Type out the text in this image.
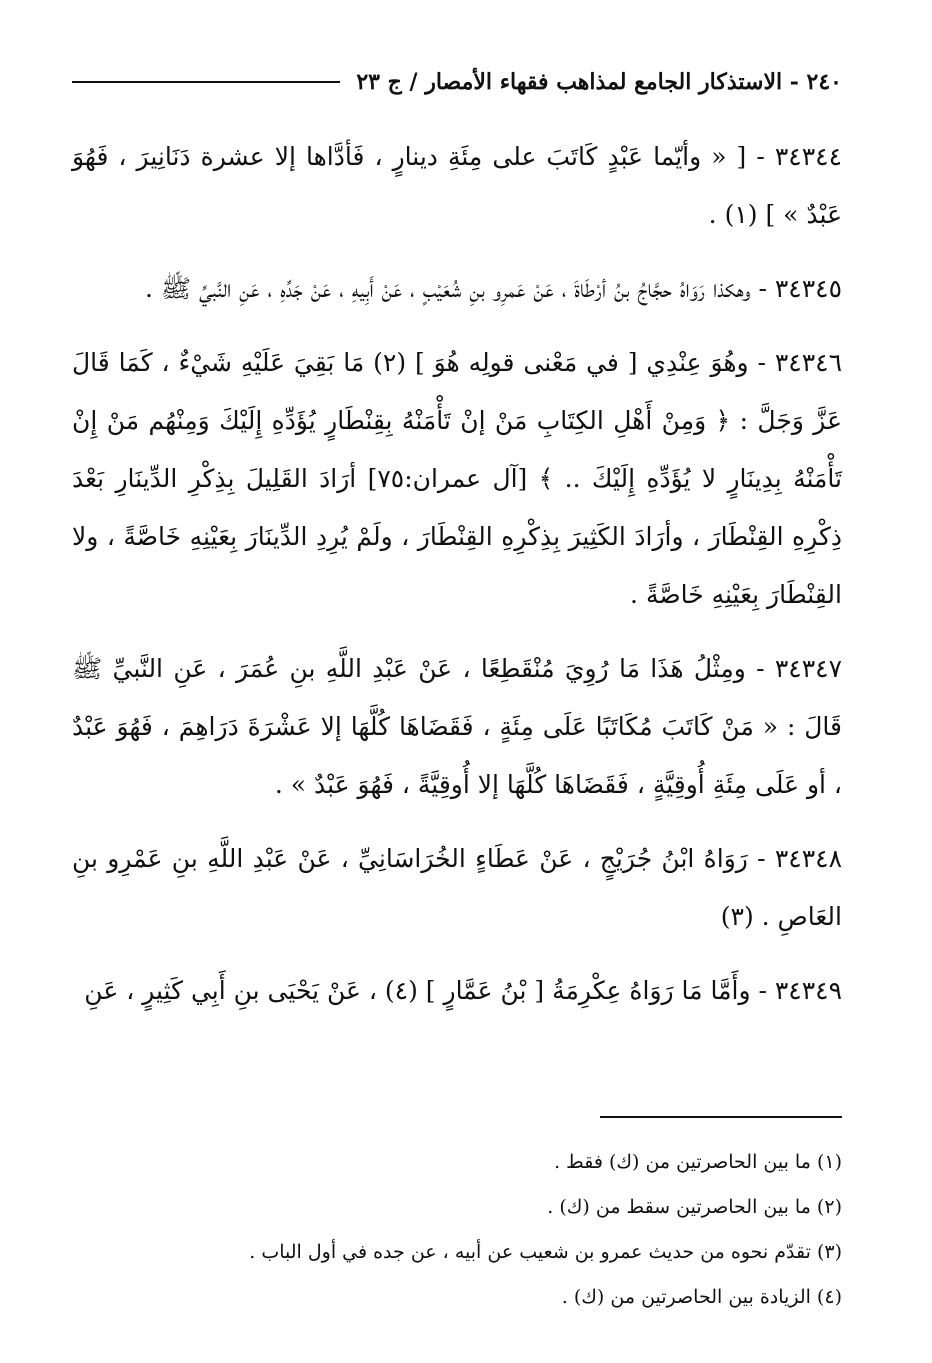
٢٤٠ - الاستذكار الجامع لمذاهب فقهاء الأمصار / ج ٢٣

٣٤٣٤٤ - [ « وأيّما عَبْدٍ كَاتَبَ على مِئَةِ دينارٍ ، فَأدَّاها إلا عشرة دَنَانِيرَ ، فَهُوَ عَبْدٌ » ] (١) .

٣٤٣٤٥ - وهكذا رَوَاهُ حجَّاجُ بنُ أرْطَاةَ ، عَنْ عَمرِو بنِ شُعَيْبٍ ، عَنْ أَبِيهِ ، عَنْ جَدِّهِ ، عَنِ النَّبيِّ ﷺ .

٣٤٣٤٦ - وهُوَ عِنْدِي [ في مَعْنى قولِه هُوَ ] (٢) مَا بَقِيَ عَلَيْهِ شَيْءٌ ، كَمَا قَالَ عَزَّ وَجَلَّ : ﴿ وَمِنْ أَهْلِ الكِتَابِ مَنْ إنْ تَأْمَنْهُ بِقِنْطَارٍ يُؤَدِّهِ إِلَيْكَ وَمِنْهُم مَنْ إِنْ تَأْمَنْهُ بِدِينَارٍ لا يُؤَدِّهِ إِلَيْكَ .. ﴾ [آل عمران:٧٥] أرَادَ القَلِيلَ بِذِكْرِ الدِّينَارِ بَعْدَ ذِكْرِهِ القِنْطَارَ ، وأرَادَ الكَثِيرَ بِذِكْرِهِ القِنْطَارَ ، ولَمْ يُرِدِ الدِّينَارَ بِعَيْنِهِ خَاصَّةً ، ولا القِنْطَارَ بِعَيْنِهِ خَاصَّةً .

٣٤٣٤٧ - ومِثْلُ هَذَا مَا رُوِيَ مُنْقَطِعًا ، عَنْ عَبْدِ اللَّهِ بنِ عُمَرَ ، عَنِ النَّبيِّ ﷺ قَالَ : « مَنْ كَاتَبَ مُكَاتَبًا عَلَى مِئَةٍ ، فَقَضَاهَا كُلَّهَا إلا عَشْرَةَ دَرَاهِمَ ، فَهُوَ عَبْدٌ ، أو عَلَى مِئَةِ أُوقِيَّةٍ ، فَقَضَاهَا كُلَّهَا إلا أُوقِيَّةً ، فَهُوَ عَبْدٌ » .

٣٤٣٤٨ - رَوَاهُ ابْنُ جُرَيْجٍ ، عَنْ عَطَاءٍ الخُرَاسَانِيِّ ، عَنْ عَبْدِ اللَّهِ بنِ عَمْرِو بنِ العَاصِ . (٣)

٣٤٣٤٩ - وأَمَّا مَا رَوَاهُ عِكْرِمَةُ [ بْنُ عَمَّارٍ ] (٤) ، عَنْ يَحْيَى بنِ أَبِي كَثِيرٍ ، عَنِ

(١) ما بين الحاصرتين من (ك) فقط .

(٢) ما بين الحاصرتين سقط من (ك) .

(٣) تقدّم نحوه من حديث عمرو بن شعيب عن أبيه ، عن جده في أول الباب .

(٤) الزيادة بين الحاصرتين من (ك) .
